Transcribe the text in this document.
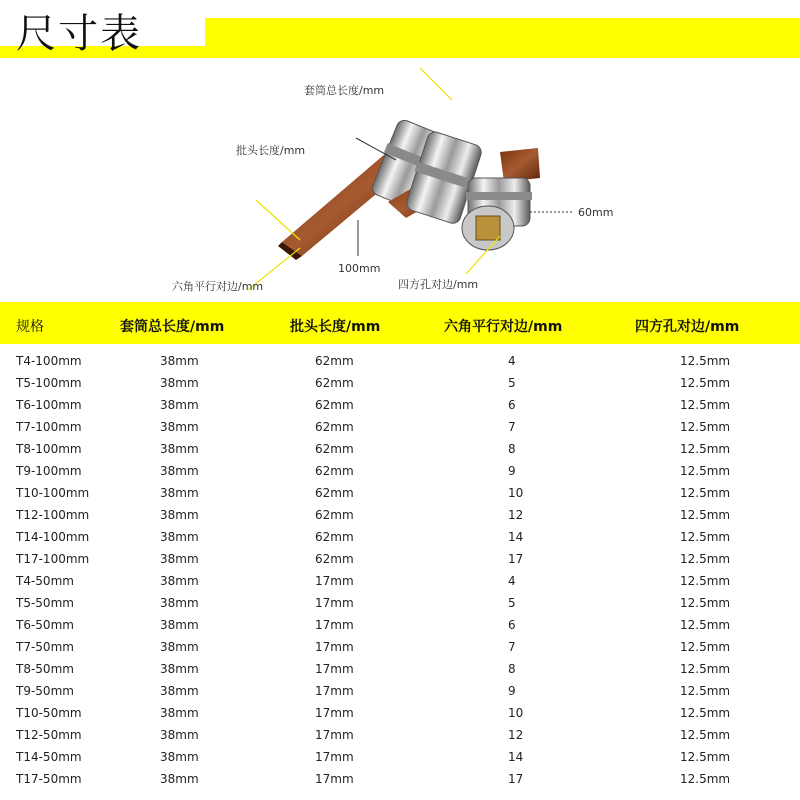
尺寸表
套筒总长度/mm
批头长度/mm
六角平行对边/mm	四方孔对边/mm
100mm
60mm
规格	套筒总长度/mm	批头长度/mm	六角平行对边/mm	四方孔对边/mm
T4-100mm	38mm	62mm	4	12.5mm
T5-100mm	38mm	62mm	5	12.5mm
T6-100mm	38mm	62mm	6	12.5mm
T7-100mm	38mm	62mm	7	12.5mm
T8-100mm	38mm	62mm	8	12.5mm
T9-100mm	38mm	62mm	9	12.5mm
T10-100mm	38mm	62mm	10	12.5mm
T12-100mm	38mm	62mm	12	12.5mm
T14-100mm	38mm	62mm	14	12.5mm
T17-100mm	38mm	62mm	17	12.5mm
T4-50mm	38mm	17mm	4	12.5mm
T5-50mm	38mm	17mm	5	12.5mm
T6-50mm	38mm	17mm	6	12.5mm
T7-50mm	38mm	17mm	7	12.5mm
T8-50mm	38mm	17mm	8	12.5mm
T9-50mm	38mm	17mm	9	12.5mm
T10-50mm	38mm	17mm	10	12.5mm
T12-50mm	38mm	17mm	12	12.5mm
T14-50mm	38mm	17mm	14	12.5mm
T17-50mm	38mm	17mm	17	12.5mm
